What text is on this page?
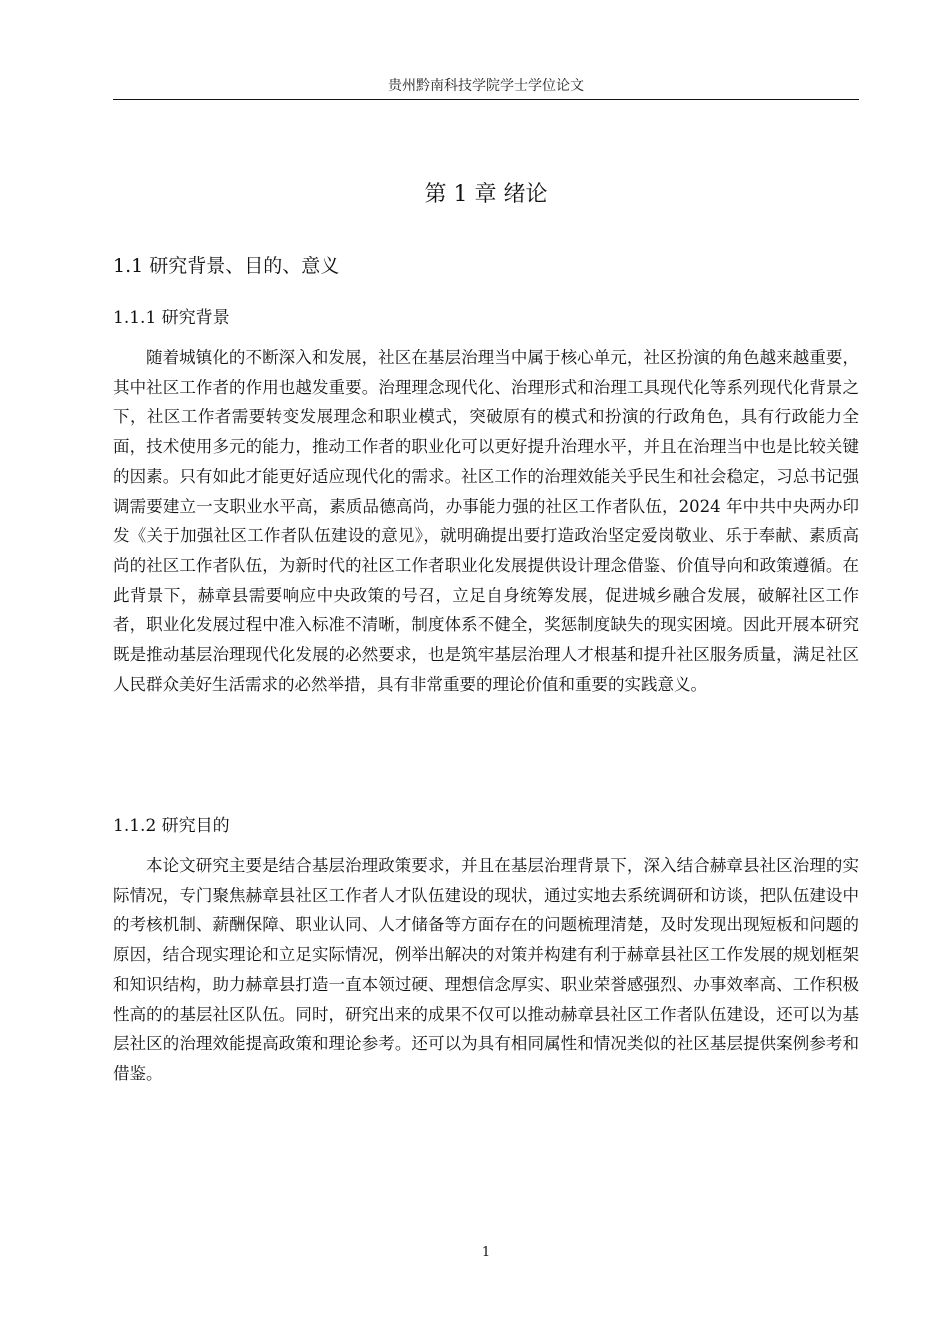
贵州黔南科技学院学士学位论文
第 1 章 绪论
1.1 研究背景、目的、意义
1.1.1 研究背景

随着城镇化的不断深入和发展，社区在基层治理当中属于核心单元，社区扮演的角色越来越重要，其中社区工作者的作用也越发重要。治理理念现代化、治理形式和治理工具现代化等系列现代化背景之下，社区工作者需要转变发展理念和职业模式，突破原有的模式和扮演的行政角色，具有行政能力全面，技术使用多元的能力，推动工作者的职业化可以更好提升治理水平，并且在治理当中也是比较关键的因素。只有如此才能更好适应现代化的需求。社区工作的治理效能关乎民生和社会稳定，习总书记强调需要建立一支职业水平高，素质品德高尚，办事能力强的社区工作者队伍，2024 年中共中央两办印发《关于加强社区工作者队伍建设的意见》，就明确提出要打造政治坚定爱岗敬业、乐于奉献、素质高尚的社区工作者队伍，为新时代的社区工作者职业化发展提供设计理念借鉴、价值导向和政策遵循。在此背景下，赫章县需要响应中央政策的号召，立足自身统筹发展，促进城乡融合发展，破解社区工作者，职业化发展过程中准入标准不清晰，制度体系不健全，奖惩制度缺失的现实困境。因此开展本研究既是推动基层治理现代化发展的必然要求，也是筑牢基层治理人才根基和提升社区服务质量，满足社区人民群众美好生活需求的必然举措，具有非常重要的理论价值和重要的实践意义。

1.1.2 研究目的

本论文研究主要是结合基层治理政策要求，并且在基层治理背景下，深入结合赫章县社区治理的实际情况，专门聚焦赫章县社区工作者人才队伍建设的现状，通过实地去系统调研和访谈，把队伍建设中的考核机制、薪酬保障、职业认同、人才储备等方面存在的问题梳理清楚，及时发现出现短板和问题的原因，结合现实理论和立足实际情况，例举出解决的对策并构建有利于赫章县社区工作发展的规划框架和知识结构，助力赫章县打造一直本领过硬、理想信念厚实、职业荣誉感强烈、办事效率高、工作积极性高的的基层社区队伍。同时，研究出来的成果不仅可以推动赫章县社区工作者队伍建设，还可以为基层社区的治理效能提高政策和理论参考。还可以为具有相同属性和情况类似的社区基层提供案例参考和借鉴。

1
